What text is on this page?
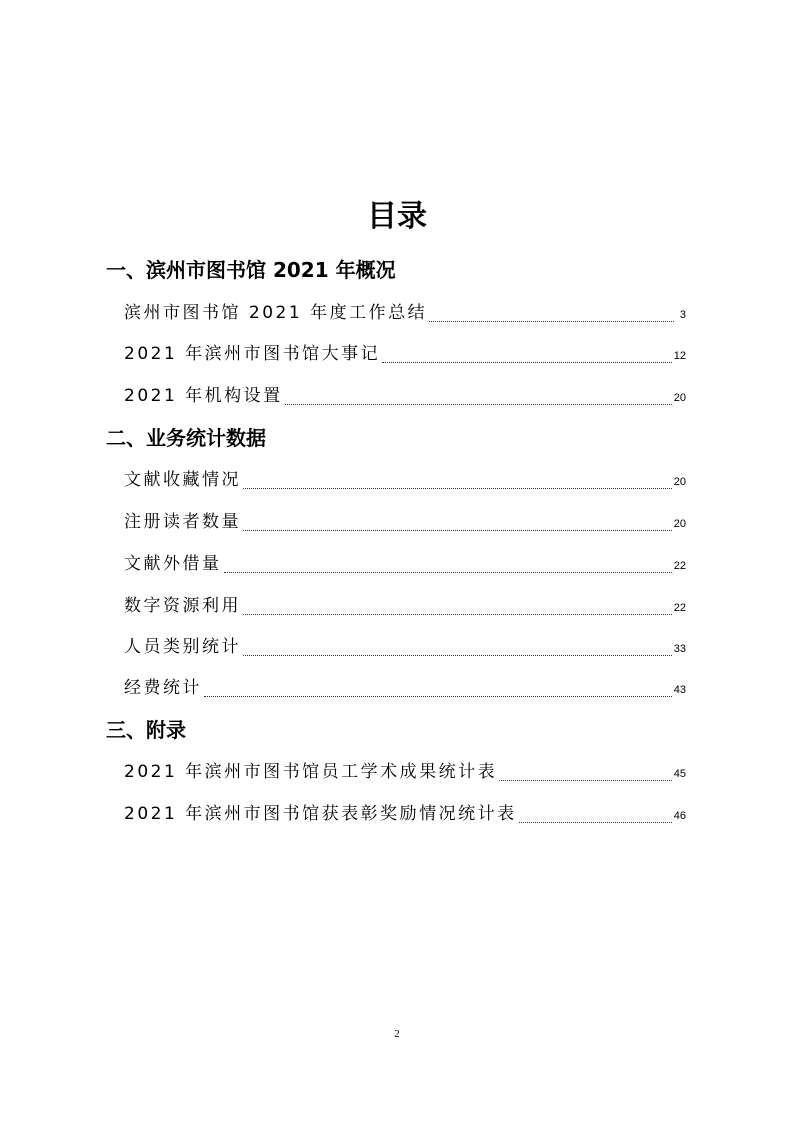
目录
一、滨州市图书馆 2021 年概况
滨州市图书馆 2021 年度工作总结	3
2021 年滨州市图书馆大事记	12
2021 年机构设置	20
二、业务统计数据
文献收藏情况	20
注册读者数量	20
文献外借量	22
数字资源利用	22
人员类别统计	33
经费统计	43
三、附录
2021 年滨州市图书馆员工学术成果统计表	45
2021 年滨州市图书馆获表彰奖励情况统计表	46
2
